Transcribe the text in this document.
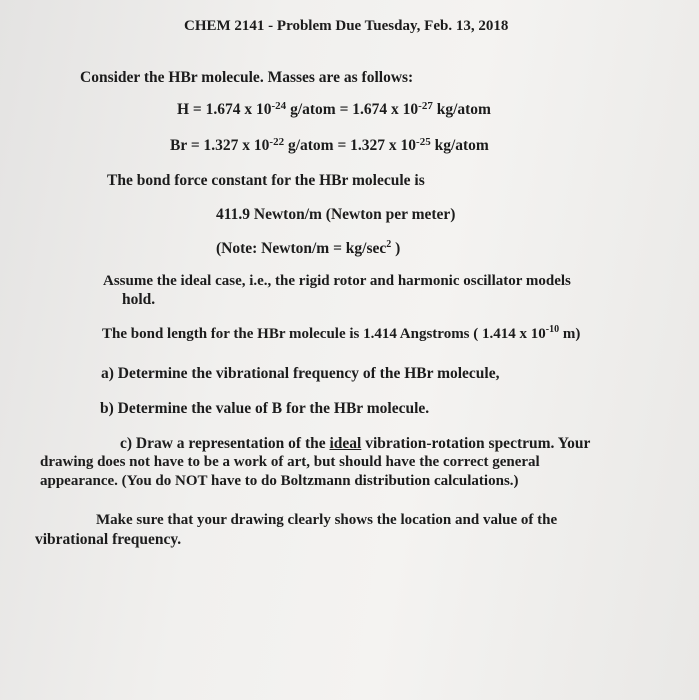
CHEM 2141 - Problem Due Tuesday, Feb. 13, 2018

Consider the HBr molecule. Masses are as follows:

H = 1.674 x $10^{-24}$ g/atom = 1.674 x $10^{-27}$ kg/atom

Br = 1.327 x $10^{-22}$ g/atom = 1.327 x $10^{-25}$ kg/atom

The bond force constant for the HBr molecule is

411.9 Newton/m (Newton per meter)

(Note: Newton/m = $kg/\sec^2$ )

Assume the ideal case, i.e., the rigid rotor and harmonic oscillator models

hold.

The bond length for the HBr molecule is 1.414 Angstroms ( 1.414 x $10^{-10}$ m)

a) Determine the vibrational frequency of the HBr molecule,

b) Determine the value of B for the HBr molecule.

c) Draw a representation of the ideal vibration-rotation spectrum. Your

drawing does not have to be a work of art, but should have the correct general

appearance. (You do NOT have to do Boltzmann distribution calculations.)

Make sure that your drawing clearly shows the location and value of the

vibrational frequency.
